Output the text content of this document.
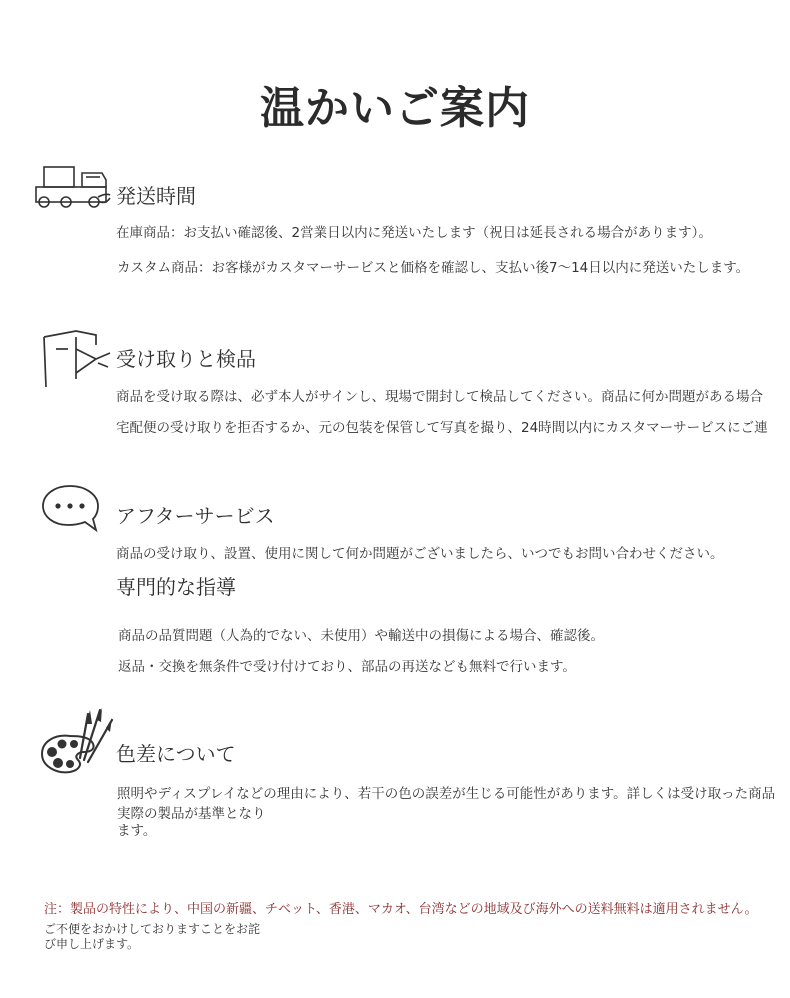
温かいご案内
発送時間
在庫商品：お支払い確認後、2営業日以内に発送いたします（祝日は延長される場合があります）。
カスタム商品：お客様がカスタマーサービスと価格を確認し、支払い後7〜14日以内に発送いたします。
受け取りと検品
商品を受け取る際は、必ず本人がサインし、現場で開封して検品してください。商品に何か問題がある場合
宅配便の受け取りを拒否するか、元の包装を保管して写真を撮り、24時間以内にカスタマーサービスにご連
アフターサービス
商品の受け取り、設置、使用に関して何か問題がございましたら、いつでもお問い合わせください。
専門的な指導
商品の品質問題（人為的でない、未使用）や輸送中の損傷による場合、確認後。
返品・交換を無条件で受け付けており、部品の再送なども無料で行います。
色差について
照明やディスプレイなどの理由により、若干の色の誤差が生じる可能性があります。詳しくは受け取った商品
実際の製品が基準となります。
注：製品の特性により、中国の新疆、チベット、香港、マカオ、台湾などの地域及び海外への送料無料は適用されません。
ご不便をおかけしておりますことをお詫び申し上げます。
